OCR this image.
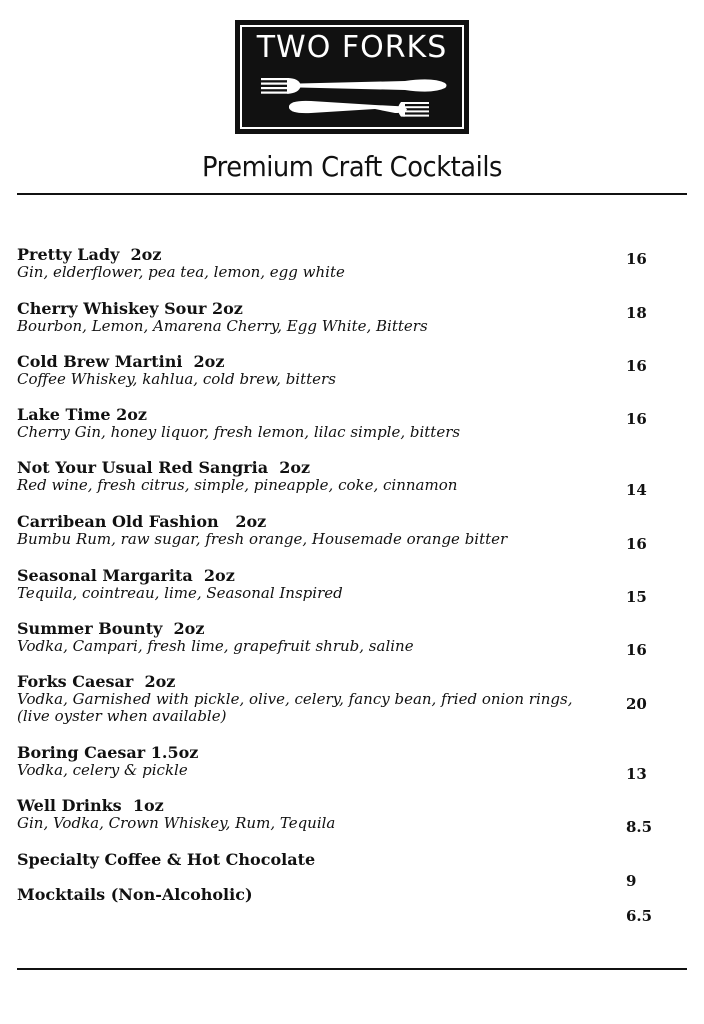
TWO FORKS
Premium Craft Cocktails
Pretty Lady  2oz
Gin, elderflower, pea tea, lemon, egg white
16
Cherry Whiskey Sour 2oz
Bourbon, Lemon, Amarena Cherry, Egg White, Bitters
18
Cold Brew Martini  2oz
Coffee Whiskey, kahlua, cold brew, bitters
16
Lake Time 2oz
Cherry Gin, honey liquor, fresh lemon, lilac simple, bitters
16
Not Your Usual Red Sangria  2oz
Red wine, fresh citrus, simple, pineapple, coke, cinnamon	14
Carribean Old Fashion   2oz
Bumbu Rum, raw sugar, fresh orange, Housemade orange bitter	16
Seasonal Margarita  2oz
Tequila, cointreau, lime, Seasonal Inspired	15
Summer Bounty  2oz
Vodka, Campari, fresh lime, grapefruit shrub, saline	16
Forks Caesar  2oz
Vodka, Garnished with pickle, olive, celery, fancy bean, fried onion rings, (live oyster when available)
20
Boring Caesar 1.5oz
Vodka, celery & pickle	13
Well Drinks  1oz
Gin, Vodka, Crown Whiskey, Rum, Tequila	8.5
Specialty Coffee & Hot Chocolate
9
Mocktails (Non-Alcoholic)
6.5
